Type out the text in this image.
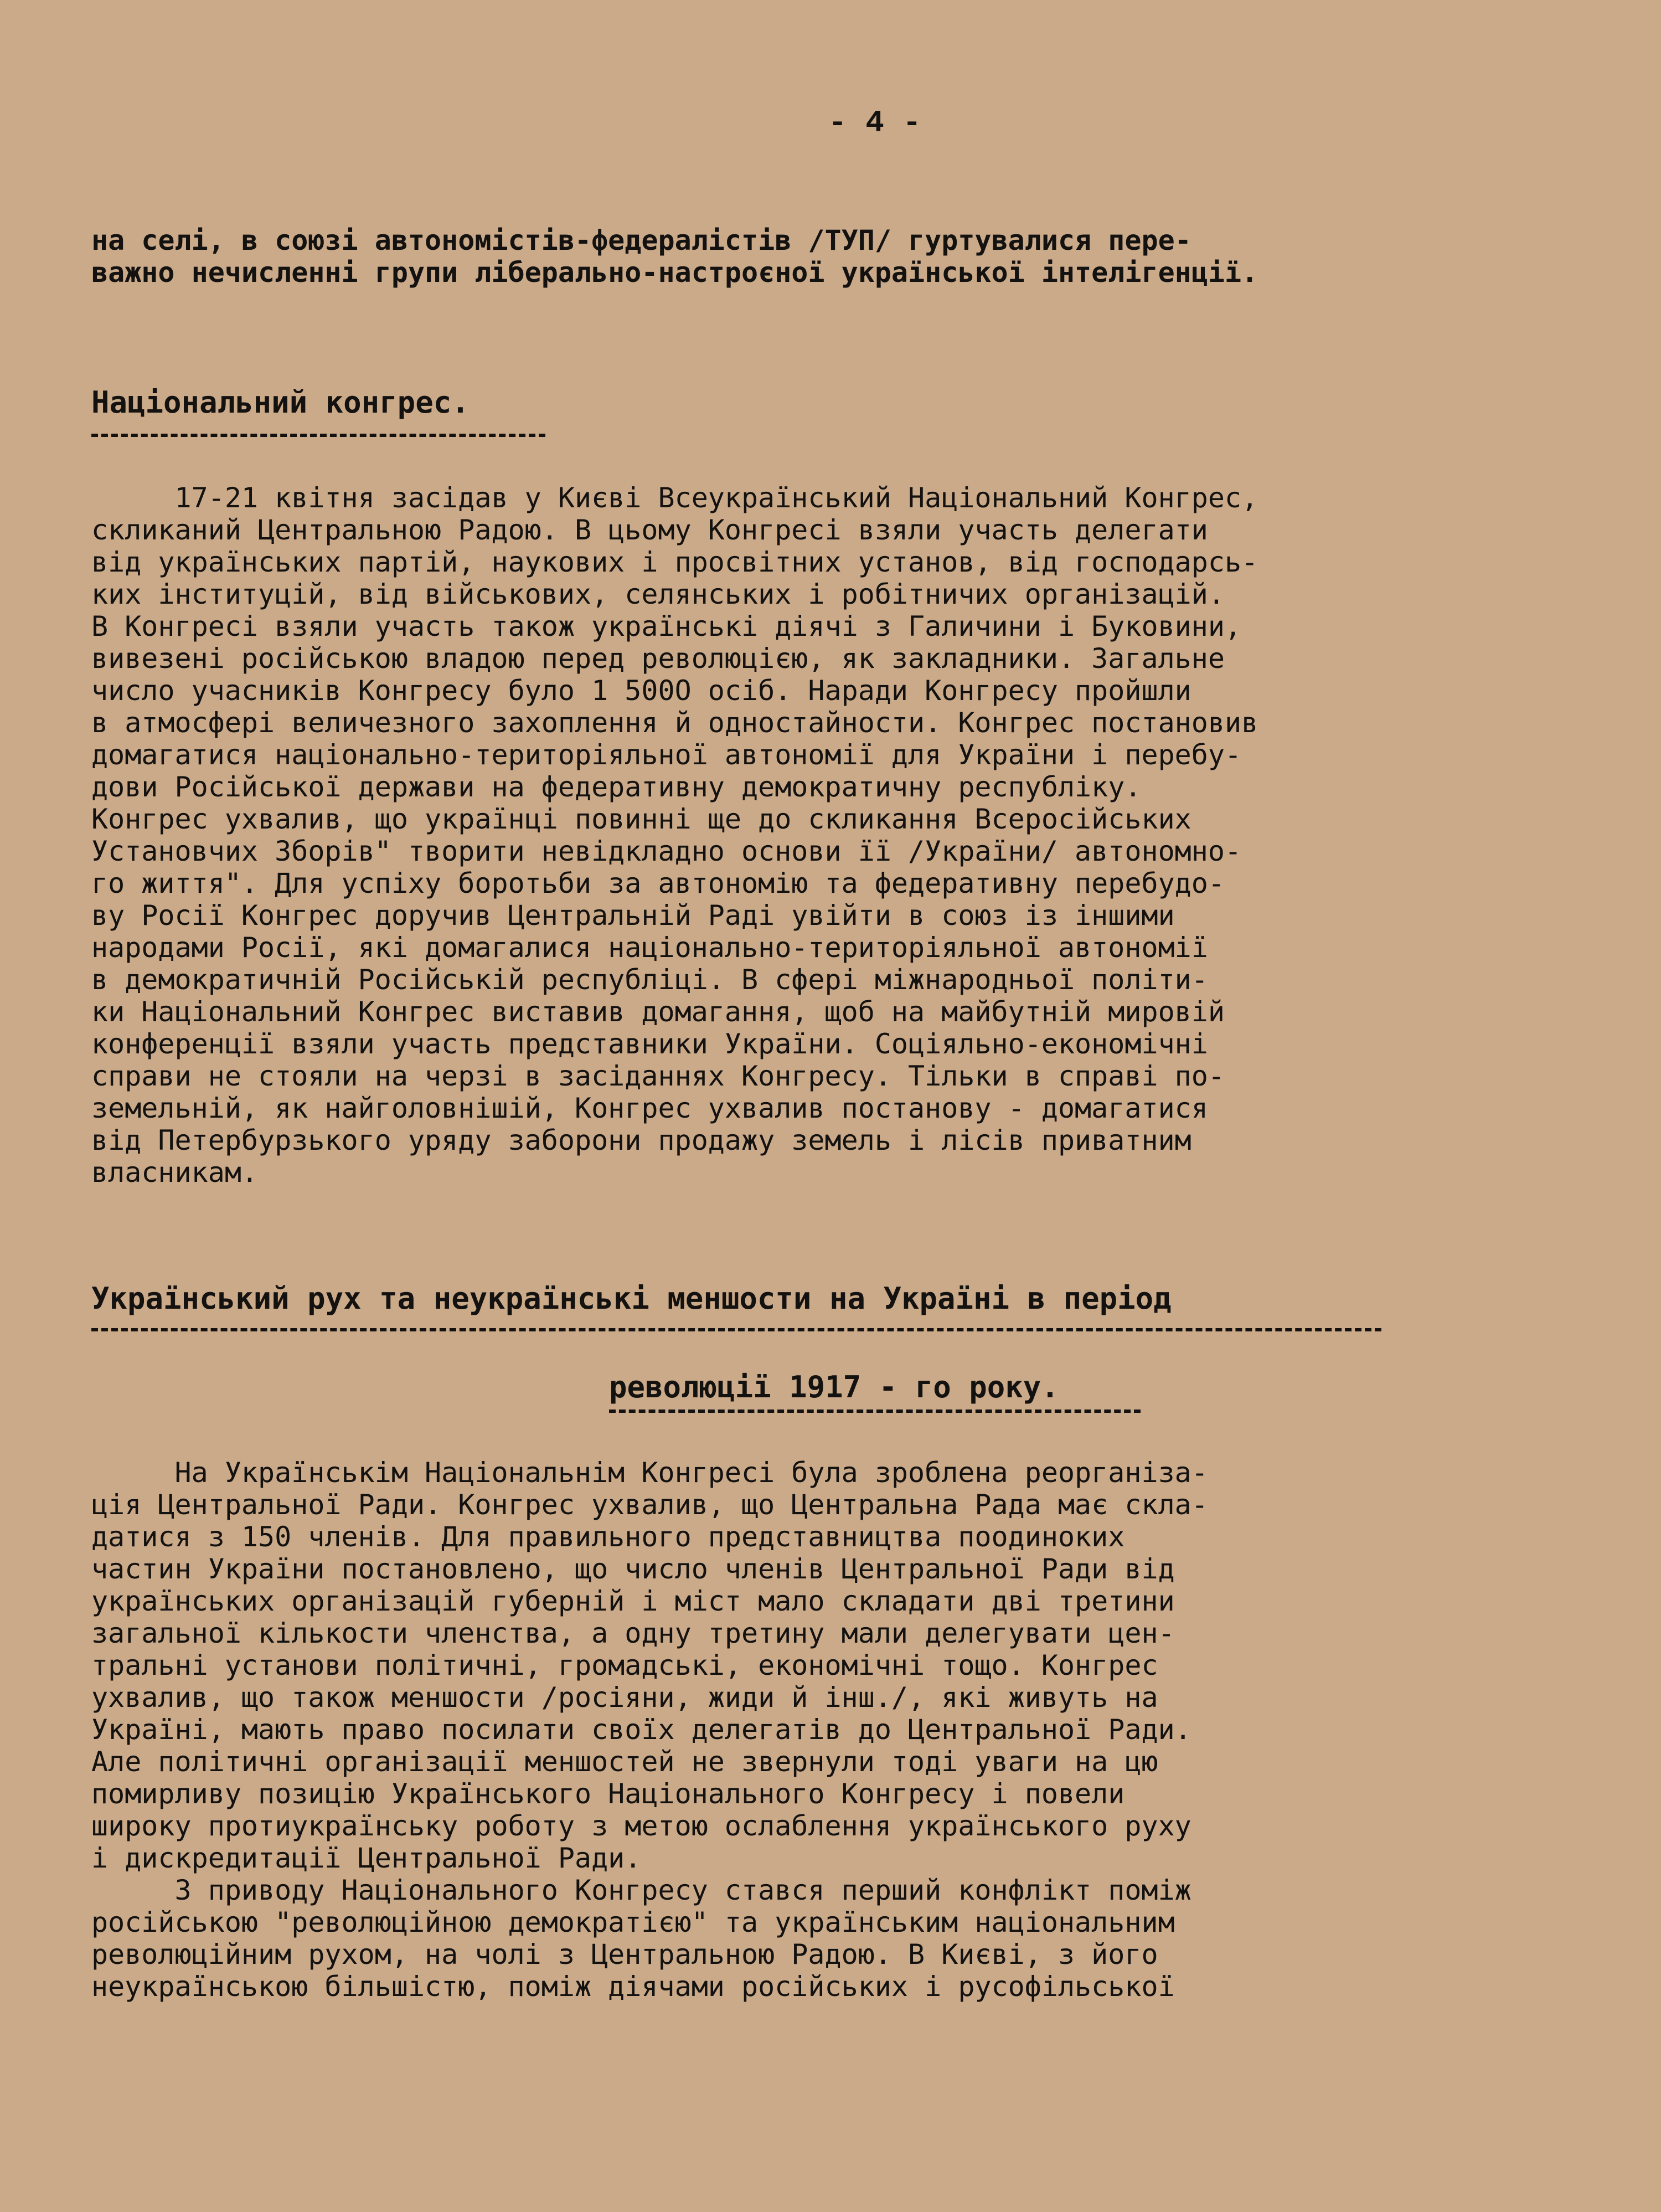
- 4 -
на селі, в союзі автономістів-федералістів /ТУП/ гуртувалися пере-
важно нечисленні групи ліберально-настроєної української інтелігенції.
Національний конгрес.
17-21 квітня засідав у Києві Всеукраїнський Національний Конгрес,
скликаний Центральною Радою. В цьому Конгресі взяли участь делегати
від українських партій, наукових і просвітних установ, від господарсь-
ких інституцій, від військових, селянських і робітничих організацій.
В Конгресі взяли участь також українські діячі з Галичини і Буковини,
вивезені російською владою перед революцією, як закладники. Загальне
число учасників Конгресу було 1 500О осіб. Наради Конгресу пройшли
в атмосфері величезного захоплення й одностайности. Конгрес постановив
домагатися національно-територіяльної автономії для України і перебу-
дови Російської держави на федеративну демократичну республіку.
Конгрес ухвалив, що українці повинні ще до скликання Всеросійських
Установчих Зборів" творити невідкладно основи її /України/ автономно-
го життя". Для успіху боротьби за автономію та федеративну перебудо-
ву Росії Конгрес доручив Центральній Раді увійти в союз із іншими
народами Росії, які домагалися національно-територіяльної автономії
в демократичній Російській республіці. В сфері міжнародньої політи-
ки Національний Конгрес виставив домагання, щоб на майбутній мировій
конференції взяли участь представники України. Соціяльно-економічні
справи не стояли на черзі в засіданнях Конгресу. Тільки в справі по-
земельній, як найголовнішій, Конгрес ухвалив постанову - домагатися
від Петербурзького уряду заборони продажу земель і лісів приватним
власникам.
Український рух та неукраїнські меншости на Україні в період
революції 1917 - го року.
На Українськім Національнім Конгресі була зроблена реорганіза-
ція Центральної Ради. Конгрес ухвалив, що Центральна Рада має скла-
датися з 150 членів. Для правильного представництва поодиноких
частин України постановлено, що число членів Центральної Ради від
українських організацій губерній і міст мало складати дві третини
загальної кількости членства, а одну третину мали делегувати цен-
тральні установи політичні, громадські, економічні тощо. Конгрес
ухвалив, що також меншости /росіяни, жиди й інш./, які живуть на
Україні, мають право посилати своїх делегатів до Центральної Ради.
Але політичні організації меншостей не звернули тоді уваги на цю
помирливу позицію Українського Національного Конгресу і повели
широку протиукраїнську роботу з метою ослаблення українського руху
і дискредитації Центральної Ради.
З приводу Національного Конгресу стався перший конфлікт поміж
російською "революційною демократією" та українським національним
революційним рухом, на чолі з Центральною Радою. В Києві, з його
неукраїнською більшістю, поміж діячами російських і русофільської
